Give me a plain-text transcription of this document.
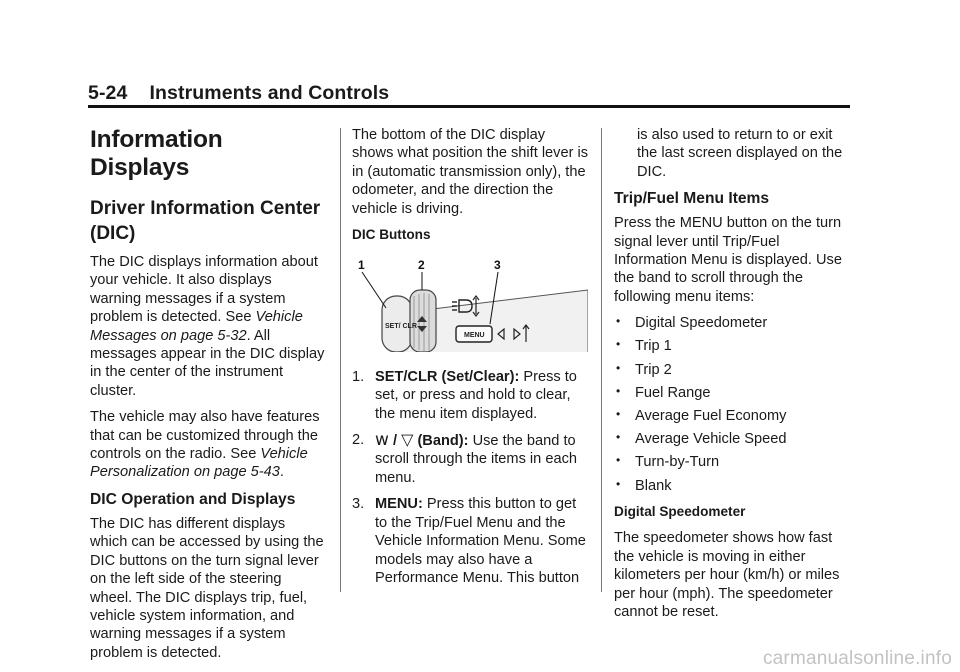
5-24 Instruments and Controls
Information Displays
Driver Information Center (DIC)

The DIC displays information about your vehicle. It also displays warning messages if a system problem is detected. See Vehicle Messages on page 5-32. All messages appear in the DIC display in the center of the instrument cluster.

The vehicle may also have features that can be customized through the controls on the radio. See Vehicle Personalization on page 5-43.

DIC Operation and Displays

The DIC has different displays which can be accessed by using the DIC buttons on the turn signal lever on the left side of the steering wheel. The DIC displays trip, fuel, vehicle system information, and warning messages if a system problem is detected.

The bottom of the DIC display shows what position the shift lever is in (automatic transmission only), the odometer, and the direction the vehicle is driving.

DIC Buttons

SET/ CLR
MENU
1	2	3
1. SET/CLR (Set/Clear): Press to set, or press and hold to clear, the menu item displayed.
2. w / ▽ (Band): Use the band to scroll through the items in each menu.
3. MENU: Press this button to get to the Trip/Fuel Menu and the Vehicle Information Menu. Some models may also have a Performance Menu. This button
is also used to return to or exit the last screen displayed on the DIC.
Trip/Fuel Menu Items

Press the MENU button on the turn signal lever until Trip/Fuel Information Menu is displayed. Use the band to scroll through the following menu items:

• Digital Speedometer
• Trip 1
• Trip 2
• Fuel Range
• Average Fuel Economy
• Average Vehicle Speed
• Turn-by-Turn
• Blank

Digital Speedometer

The speedometer shows how fast the vehicle is moving in either kilometers per hour (km/h) or miles per hour (mph). The speedometer cannot be reset.

carmanualsonline.info
